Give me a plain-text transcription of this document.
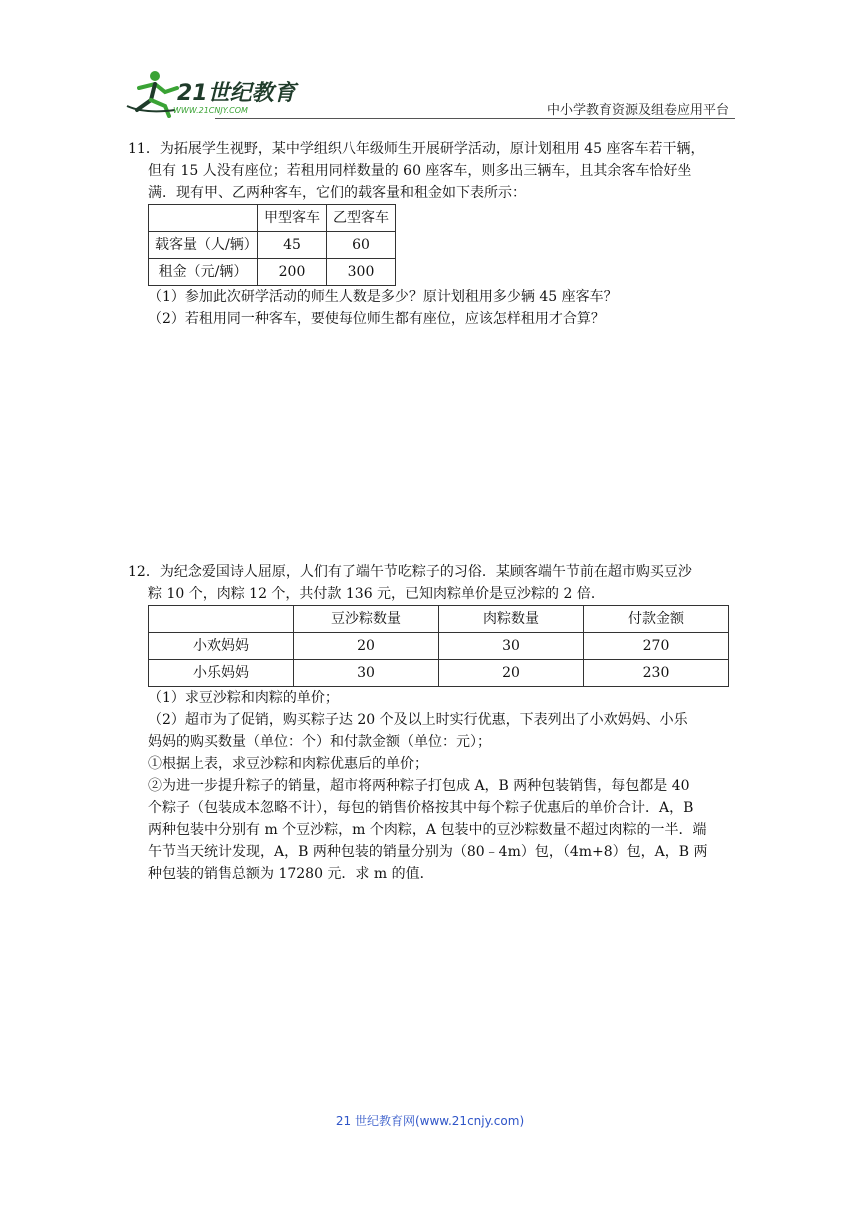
21世纪教育
WWW.21CNJY.COM	中小学教育资源及组卷应用平台

11．为拓展学生视野，某中学组织八年级师生开展研学活动，原计划租用 45 座客车若干辆，

但有 15 人没有座位；若租用同样数量的 60 座客车，则多出三辆车，且其余客车恰好坐

满．现有甲、乙两种客车，它们的载客量和租金如下表所示：

	甲型客车	乙型客车
载客量（人/辆）	45	60
租金（元/辆）	200	300

（1）参加此次研学活动的师生人数是多少？原计划租用多少辆 45 座客车？

（2）若租用同一种客车，要使每位师生都有座位，应该怎样租用才合算？

12．为纪念爱国诗人屈原，人们有了端午节吃粽子的习俗．某顾客端午节前在超市购买豆沙

粽 10 个，肉粽 12 个，共付款 136 元，已知肉粽单价是豆沙粽的 2 倍．

	豆沙粽数量	肉粽数量	付款金额
小欢妈妈	20	30	270
小乐妈妈	30	20	230

（1）求豆沙粽和肉粽的单价；

（2）超市为了促销，购买粽子达 20 个及以上时实行优惠，下表列出了小欢妈妈、小乐

妈妈的购买数量（单位：个）和付款金额（单位：元）；

①根据上表，求豆沙粽和肉粽优惠后的单价；

②为进一步提升粽子的销量，超市将两种粽子打包成 A，B 两种包装销售，每包都是 40

个粽子（包装成本忽略不计），每包的销售价格按其中每个粽子优惠后的单价合计．A，B

两种包装中分别有 m 个豆沙粽，m 个肉粽，A 包装中的豆沙粽数量不超过肉粽的一半．端

午节当天统计发现，A，B 两种包装的销量分别为（80﹣4m）包，（4m+8）包，A，B 两

种包装的销售总额为 17280 元．求 m 的值．

21 世纪教育网(www.21cnjy.com)
